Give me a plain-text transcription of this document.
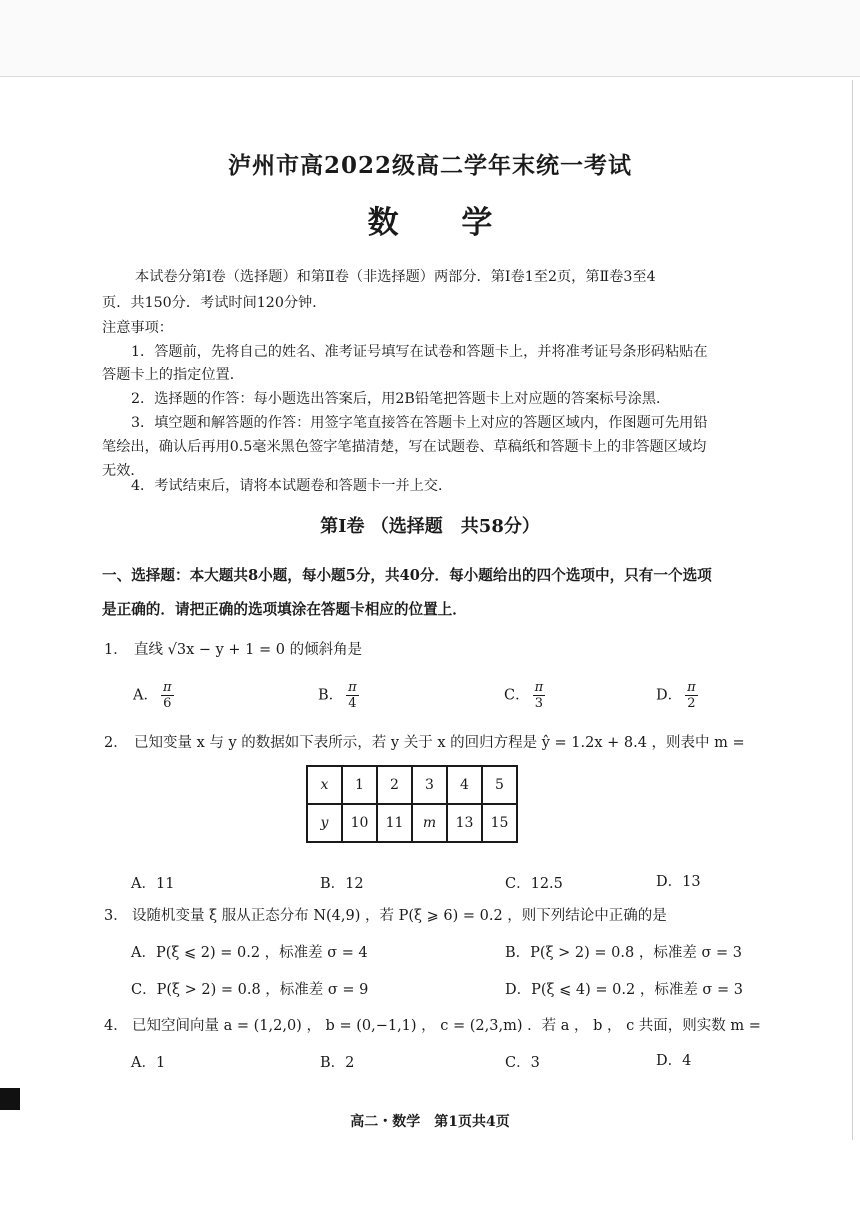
泸州市高2022级高二学年末统一考试
数 学
本试卷分第Ⅰ卷（选择题）和第Ⅱ卷（非选择题）两部分．第Ⅰ卷1至2页，第Ⅱ卷3至4
页．共150分．考试时间120分钟．
注意事项：
1．答题前，先将自己的姓名、准考证号填写在试卷和答题卡上，并将准考证号条形码粘贴在
答题卡上的指定位置．
2．选择题的作答：每小题选出答案后，用2B铅笔把答题卡上对应题的答案标号涂黑．
3．填空题和解答题的作答：用签字笔直接答在答题卡上对应的答题区域内，作图题可先用铅
笔绘出，确认后再用0.5毫米黑色签字笔描清楚，写在试题卷、草稿纸和答题卡上的非答题区域均
无效．
4．考试结束后，请将本试题卷和答题卡一并上交．
第Ⅰ卷 （选择题　共58分）
一、选择题：本大题共8小题，每小题5分，共40分．每小题给出的四个选项中，只有一个选项
是正确的．请把正确的选项填涂在答题卡相应的位置上．
1． 直线 √3x − y + 1 = 0 的倾斜角是
A． $\frac{\pi}{6}$	B． $\frac{\pi}{4}$	C． $\frac{\pi}{3}$	D． $\frac{\pi}{2}$
2． 已知变量 x 与 y 的数据如下表所示，若 y 关于 x 的回归方程是 ŷ = 1.2x + 8.4 ，则表中 m =
x	1	2	3	4	5
y	10	11	m	13	15
A．11	B．12	C．12.5	D．13
3． 设随机变量 ξ 服从正态分布 N(4,9) ，若 P(ξ ⩾ 6) = 0.2 ，则下列结论中正确的是
A．P(ξ ⩽ 2) = 0.2 ，标准差 σ = 4	B．P(ξ > 2) = 0.8 ，标准差 σ = 3
C．P(ξ > 2) = 0.8 ，标准差 σ = 9	D．P(ξ ⩽ 4) = 0.2 ，标准差 σ = 3
4． 已知空间向量 a = (1,2,0) ， b = (0,−1,1) ， c = (2,3,m) ．若 a ， b ， c 共面，则实数 m =
A．1	B．2	C．3	D．4
高二・数学　第1页共4页
